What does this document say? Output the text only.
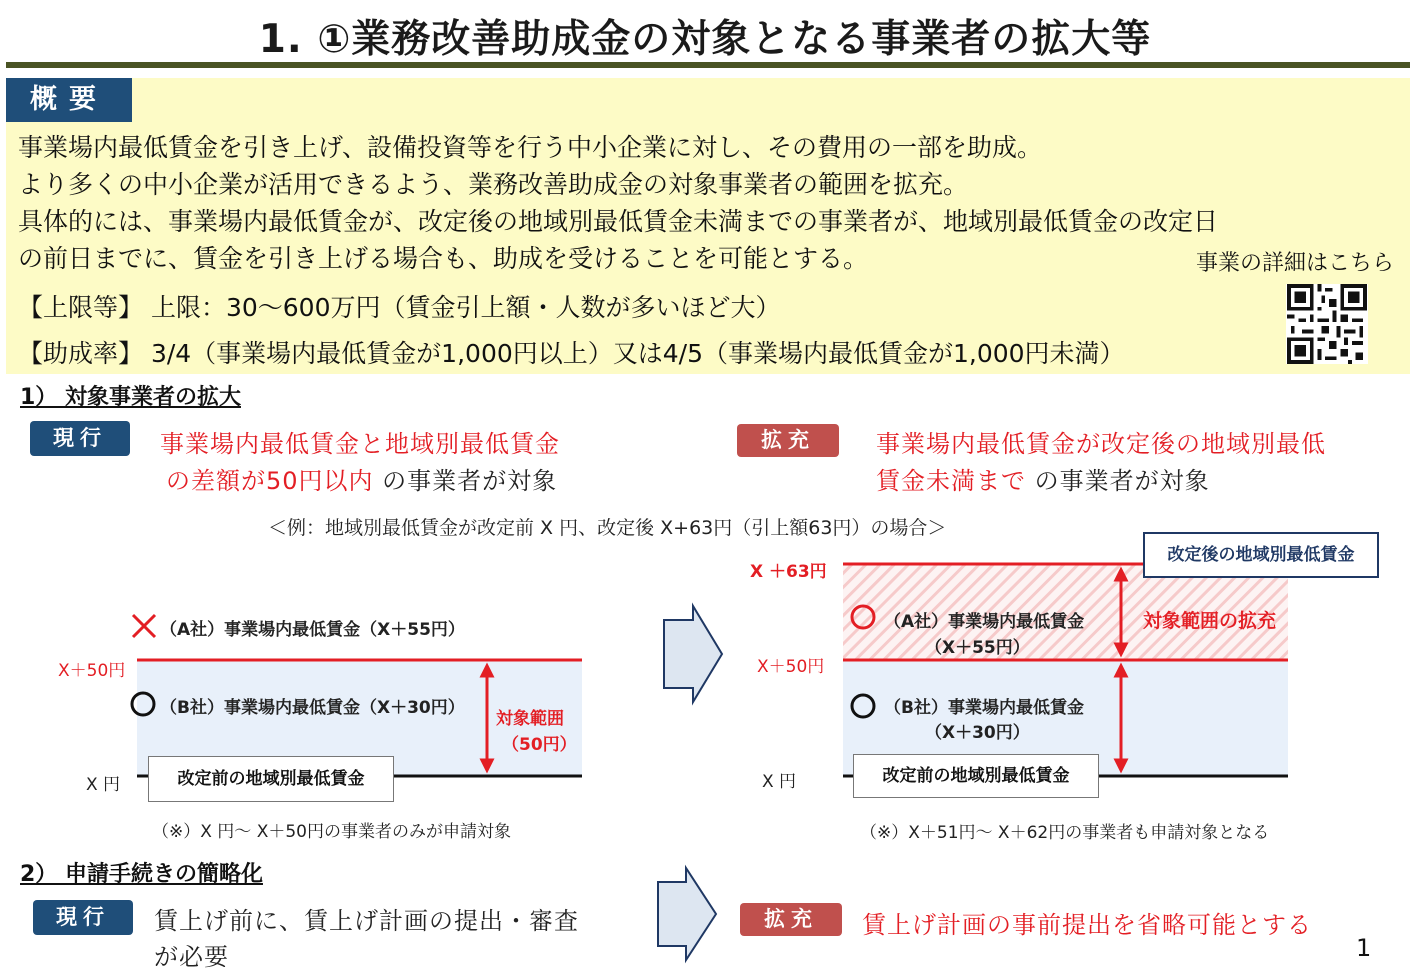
1. ①業務改善助成金の対象となる事業者の拡大等
概要
事業場内最低賃金を引き上げ、設備投資等を行う中小企業に対し、その費用の一部を助成。
より多くの中小企業が活用できるよう、業務改善助成金の対象事業者の範囲を拡充。
具体的には、事業場内最低賃金が、改定後の地域別最低賃金未満までの事業者が、地域別最低賃金の改定日
の前日までに、賃金を引き上げる場合も、助成を受けることを可能とする。	事業の詳細はこちら
【上限等】 上限：30～600万円（賃金引上額・人数が多いほど大）
【助成率】 3/4（事業場内最低賃金が1,000円以上）又は4/5（事業場内最低賃金が1,000円未満）
1） 対象事業者の拡大
現行	事業場内最低賃金と地域別最低賃金
の差額が50円以内 の事業者が対象
拡充	事業場内最低賃金が改定後の地域別最低
賃金未満まで の事業者が対象
＜例：地域別最低賃金が改定前 X 円、改定後 X+63円（引上額63円）の場合＞
（A社）事業場内最低賃金（X＋55円）
X＋50円
（B社）事業場内最低賃金（X＋30円）
対象範囲
（50円）
X 円	改定前の地域別最低賃金
（※）X 円～ X＋50円の事業者のみが申請対象
X ＋63円
改定後の地域別最低賃金
（A社）事業場内最低賃金
（X＋55円）
対象範囲の拡充
X＋50円
（B社）事業場内最低賃金
（X＋30円）
X 円	改定前の地域別最低賃金
（※）X＋51円～ X＋62円の事業者も申請対象となる
2） 申請手続きの簡略化
現行	賃上げ前に、賃上げ計画の提出・審査
が必要
拡充	賃上げ計画の事前提出を省略可能とする
1
